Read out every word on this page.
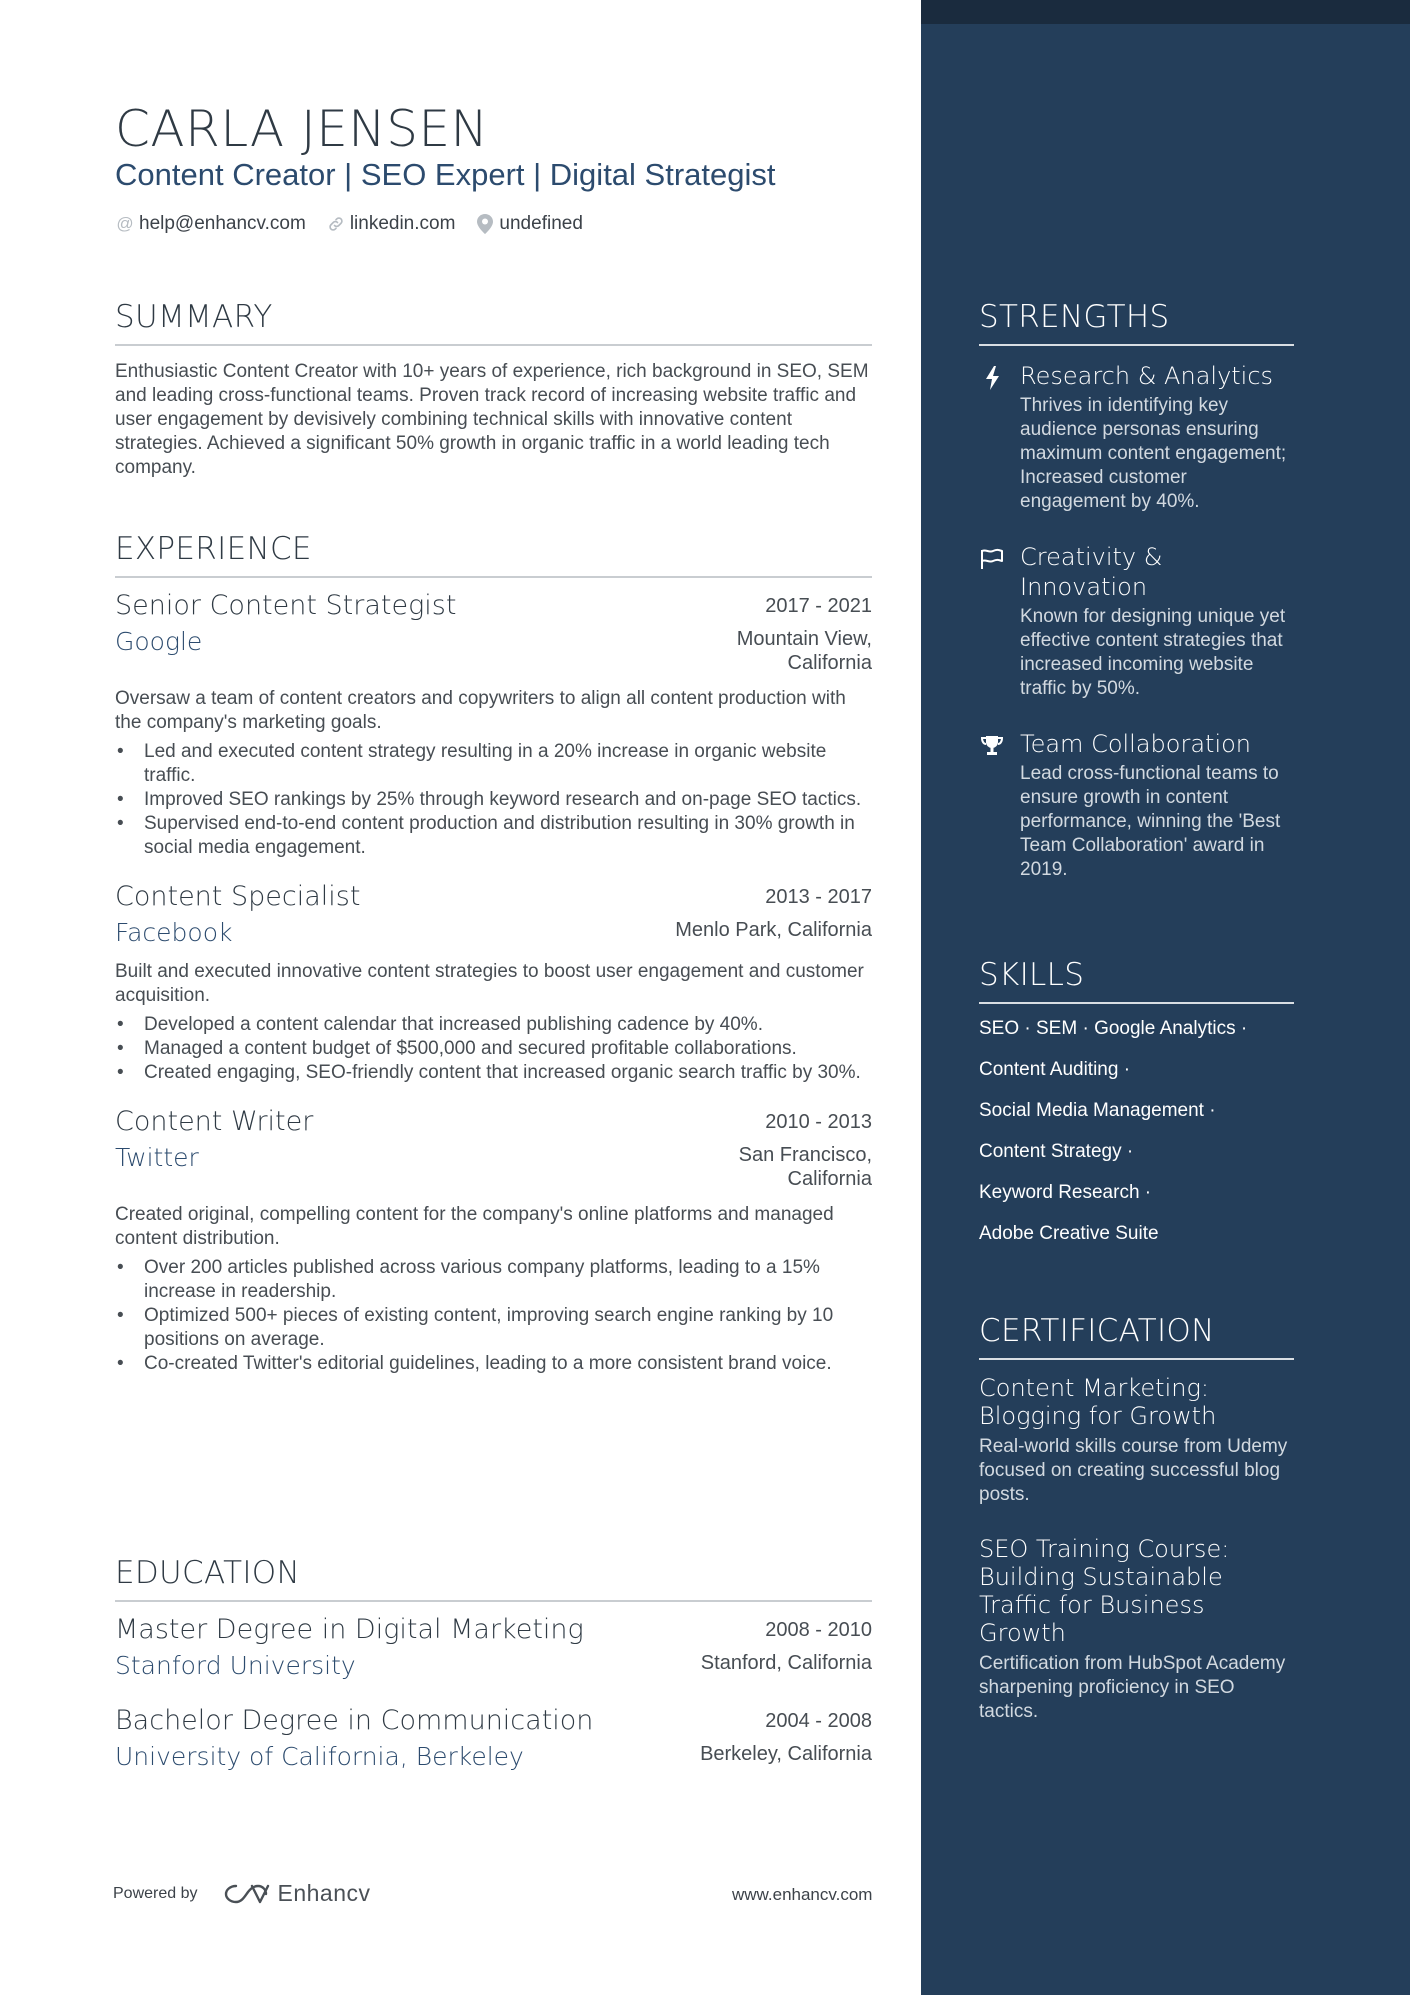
CARLA JENSEN
Content Creator | SEO Expert | Digital Strategist
@ help@enhancv.com linkedin.com undefined
SUMMARY
Enthusiastic Content Creator with 10+ years of experience, rich background in SEO, SEM and leading cross-functional teams. Proven track record of increasing website traffic and user engagement by devisively combining technical skills with innovative content strategies. Achieved a significant 50% growth in organic traffic in a world leading tech company.
EXPERIENCE
Senior Content Strategist	2017 - 2021
Google	Mountain View, California
Oversaw a team of content creators and copywriters to align all content production with the company's marketing goals.
• Led and executed content strategy resulting in a 20% increase in organic website traffic.
• Improved SEO rankings by 25% through keyword research and on-page SEO tactics.
• Supervised end-to-end content production and distribution resulting in 30% growth in social media engagement.
Content Specialist	2013 - 2017
Facebook	Menlo Park, California
Built and executed innovative content strategies to boost user engagement and customer acquisition.
• Developed a content calendar that increased publishing cadence by 40%.
• Managed a content budget of $500,000 and secured profitable collaborations.
• Created engaging, SEO-friendly content that increased organic search traffic by 30%.
Content Writer	2010 - 2013
Twitter	San Francisco, California
Created original, compelling content for the company's online platforms and managed content distribution.
• Over 200 articles published across various company platforms, leading to a 15% increase in readership.
• Optimized 500+ pieces of existing content, improving search engine ranking by 10 positions on average.
• Co-created Twitter's editorial guidelines, leading to a more consistent brand voice.
EDUCATION
Master Degree in Digital Marketing	2008 - 2010
Stanford University	Stanford, California
Bachelor Degree in Communication	2004 - 2008
University of California, Berkeley	Berkeley, California
Powered by	Enhancv	www.enhancv.com
STRENGTHS
Research & Analytics
Thrives in identifying key audience personas ensuring maximum content engagement; Increased customer engagement by 40%.
Creativity & Innovation
Known for designing unique yet effective content strategies that increased incoming website traffic by 50%.
Team Collaboration
Lead cross-functional teams to ensure growth in content performance, winning the 'Best Team Collaboration' award in 2019.
SKILLS
SEO · SEM · Google Analytics ·
Content Auditing ·
Social Media Management ·
Content Strategy ·
Keyword Research ·
Adobe Creative Suite
CERTIFICATION
Content Marketing: Blogging for Growth
Real-world skills course from Udemy focused on creating successful blog posts.
SEO Training Course: Building Sustainable Traffic for Business Growth
Certification from HubSpot Academy sharpening proficiency in SEO tactics.
